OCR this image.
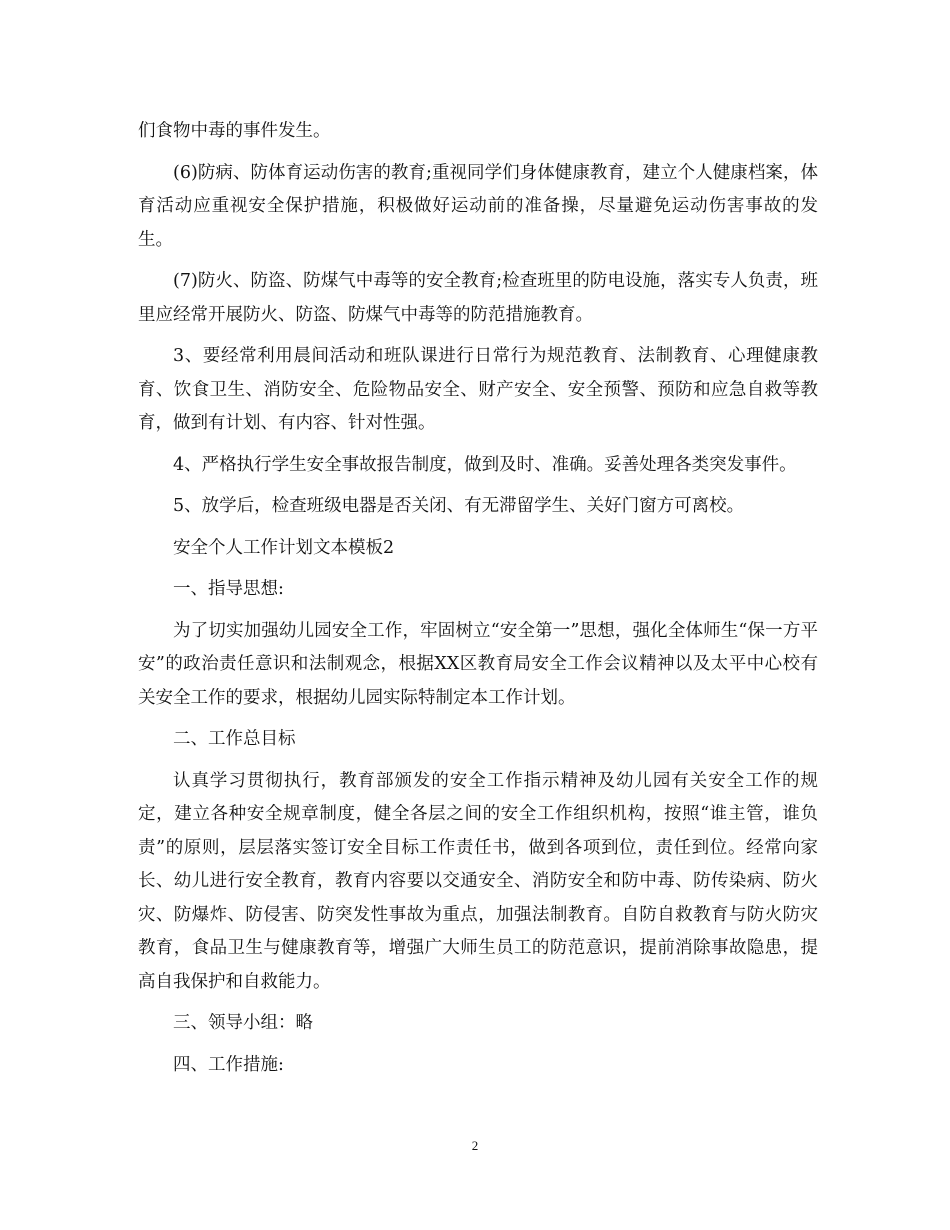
们食物中毒的事件发生。

(6)防病、防体育运动伤害的教育;重视同学们身体健康教育，建立个人健康档案，体育活动应重视安全保护措施，积极做好运动前的准备操，尽量避免运动伤害事故的发生。

(7)防火、防盗、防煤气中毒等的安全教育;检查班里的防电设施，落实专人负责，班里应经常开展防火、防盗、防煤气中毒等的防范措施教育。

3、要经常利用晨间活动和班队课进行日常行为规范教育、法制教育、心理健康教育、饮食卫生、消防安全、危险物品安全、财产安全、安全预警、预防和应急自救等教育，做到有计划、有内容、针对性强。

4、严格执行学生安全事故报告制度，做到及时、准确。妥善处理各类突发事件。

5、放学后，检查班级电器是否关闭、有无滞留学生、关好门窗方可离校。

安全个人工作计划文本模板2

一、指导思想:

为了切实加强幼儿园安全工作，牢固树立“安全第一”思想，强化全体师生“保一方平安”的政治责任意识和法制观念，根据XX区教育局安全工作会议精神以及太平中心校有关安全工作的要求，根据幼儿园实际特制定本工作计划。

二、工作总目标

认真学习贯彻执行，教育部颁发的安全工作指示精神及幼儿园有关安全工作的规定，建立各种安全规章制度，健全各层之间的安全工作组织机构，按照“谁主管，谁负责”的原则，层层落实签订安全目标工作责任书，做到各项到位，责任到位。经常向家长、幼儿进行安全教育，教育内容要以交通安全、消防安全和防中毒、防传染病、防火灾、防爆炸、防侵害、防突发性事故为重点，加强法制教育。自防自救教育与防火防灾教育，食品卫生与健康教育等，增强广大师生员工的防范意识，提前消除事故隐患，提高自我保护和自救能力。

三、领导小组：略

四、工作措施:

2
